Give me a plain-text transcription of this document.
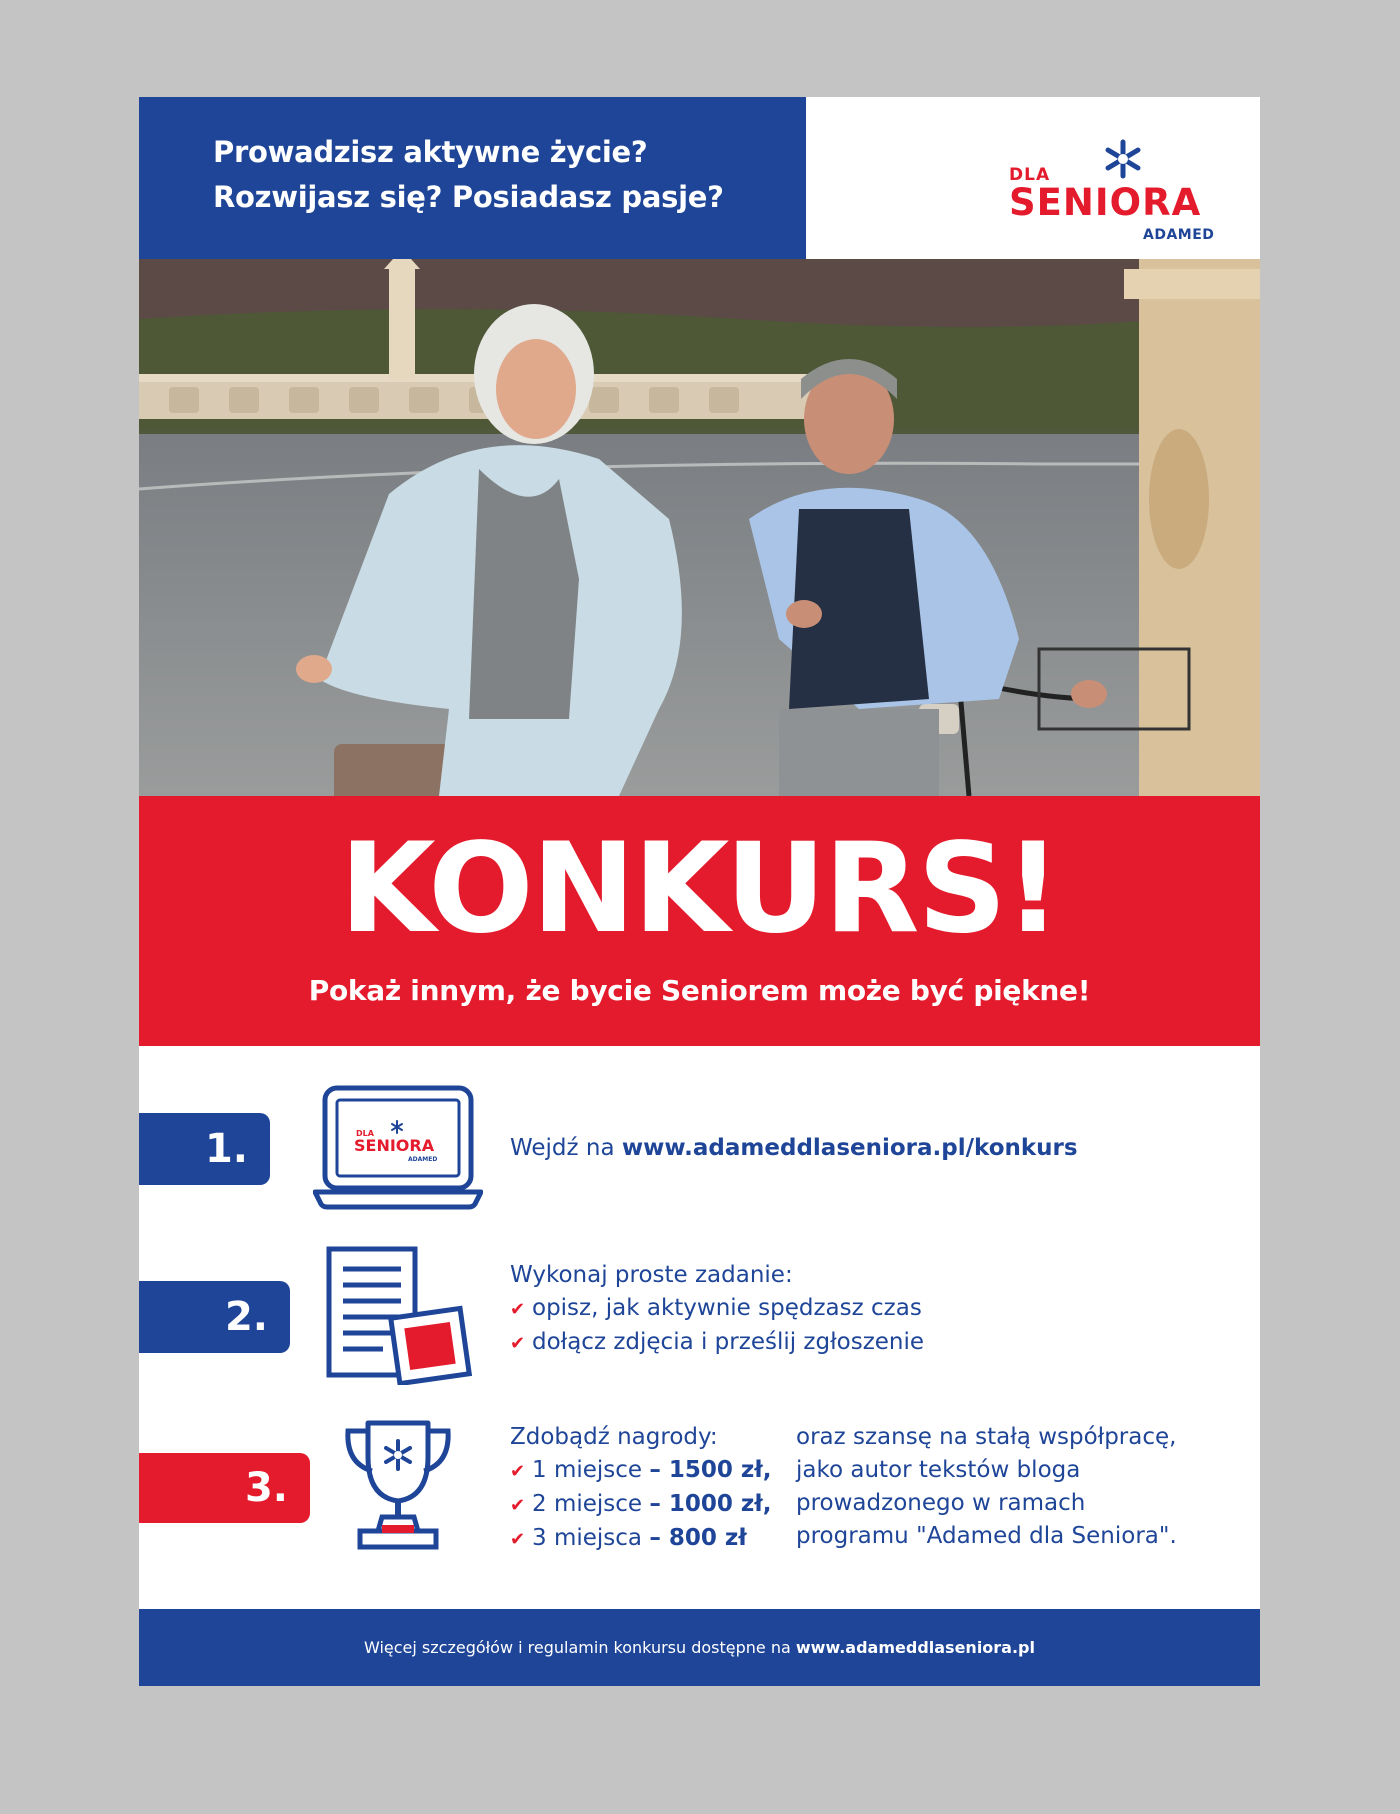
Prowadzisz aktywne życie?
Rozwijasz się? Posiadasz pasje?
DLA
SENIORA
ADAMED
KONKURS!
Pokaż innym, że bycie Seniorem może być piękne!
1.	DLA
SENIORA
ADAMED	Wejdź na www.adameddlaseniora.pl/konkurs
2.
Wykonaj proste zadanie:
✔ opisz, jak aktywnie spędzasz czas
✔ dołącz zdjęcia i prześlij zgłoszenie
3.
Zdobądź nagrody:
✔ 1 miejsce – 1500 zł,
✔ 2 miejsce – 1000 zł,
✔ 3 miejsca – 800 zł
oraz szansę na stałą współpracę,
jako autor tekstów bloga
prowadzonego w ramach
programu "Adamed dla Seniora".
Więcej szczegółów i regulamin konkursu dostępne na www.adameddlaseniora.pl
